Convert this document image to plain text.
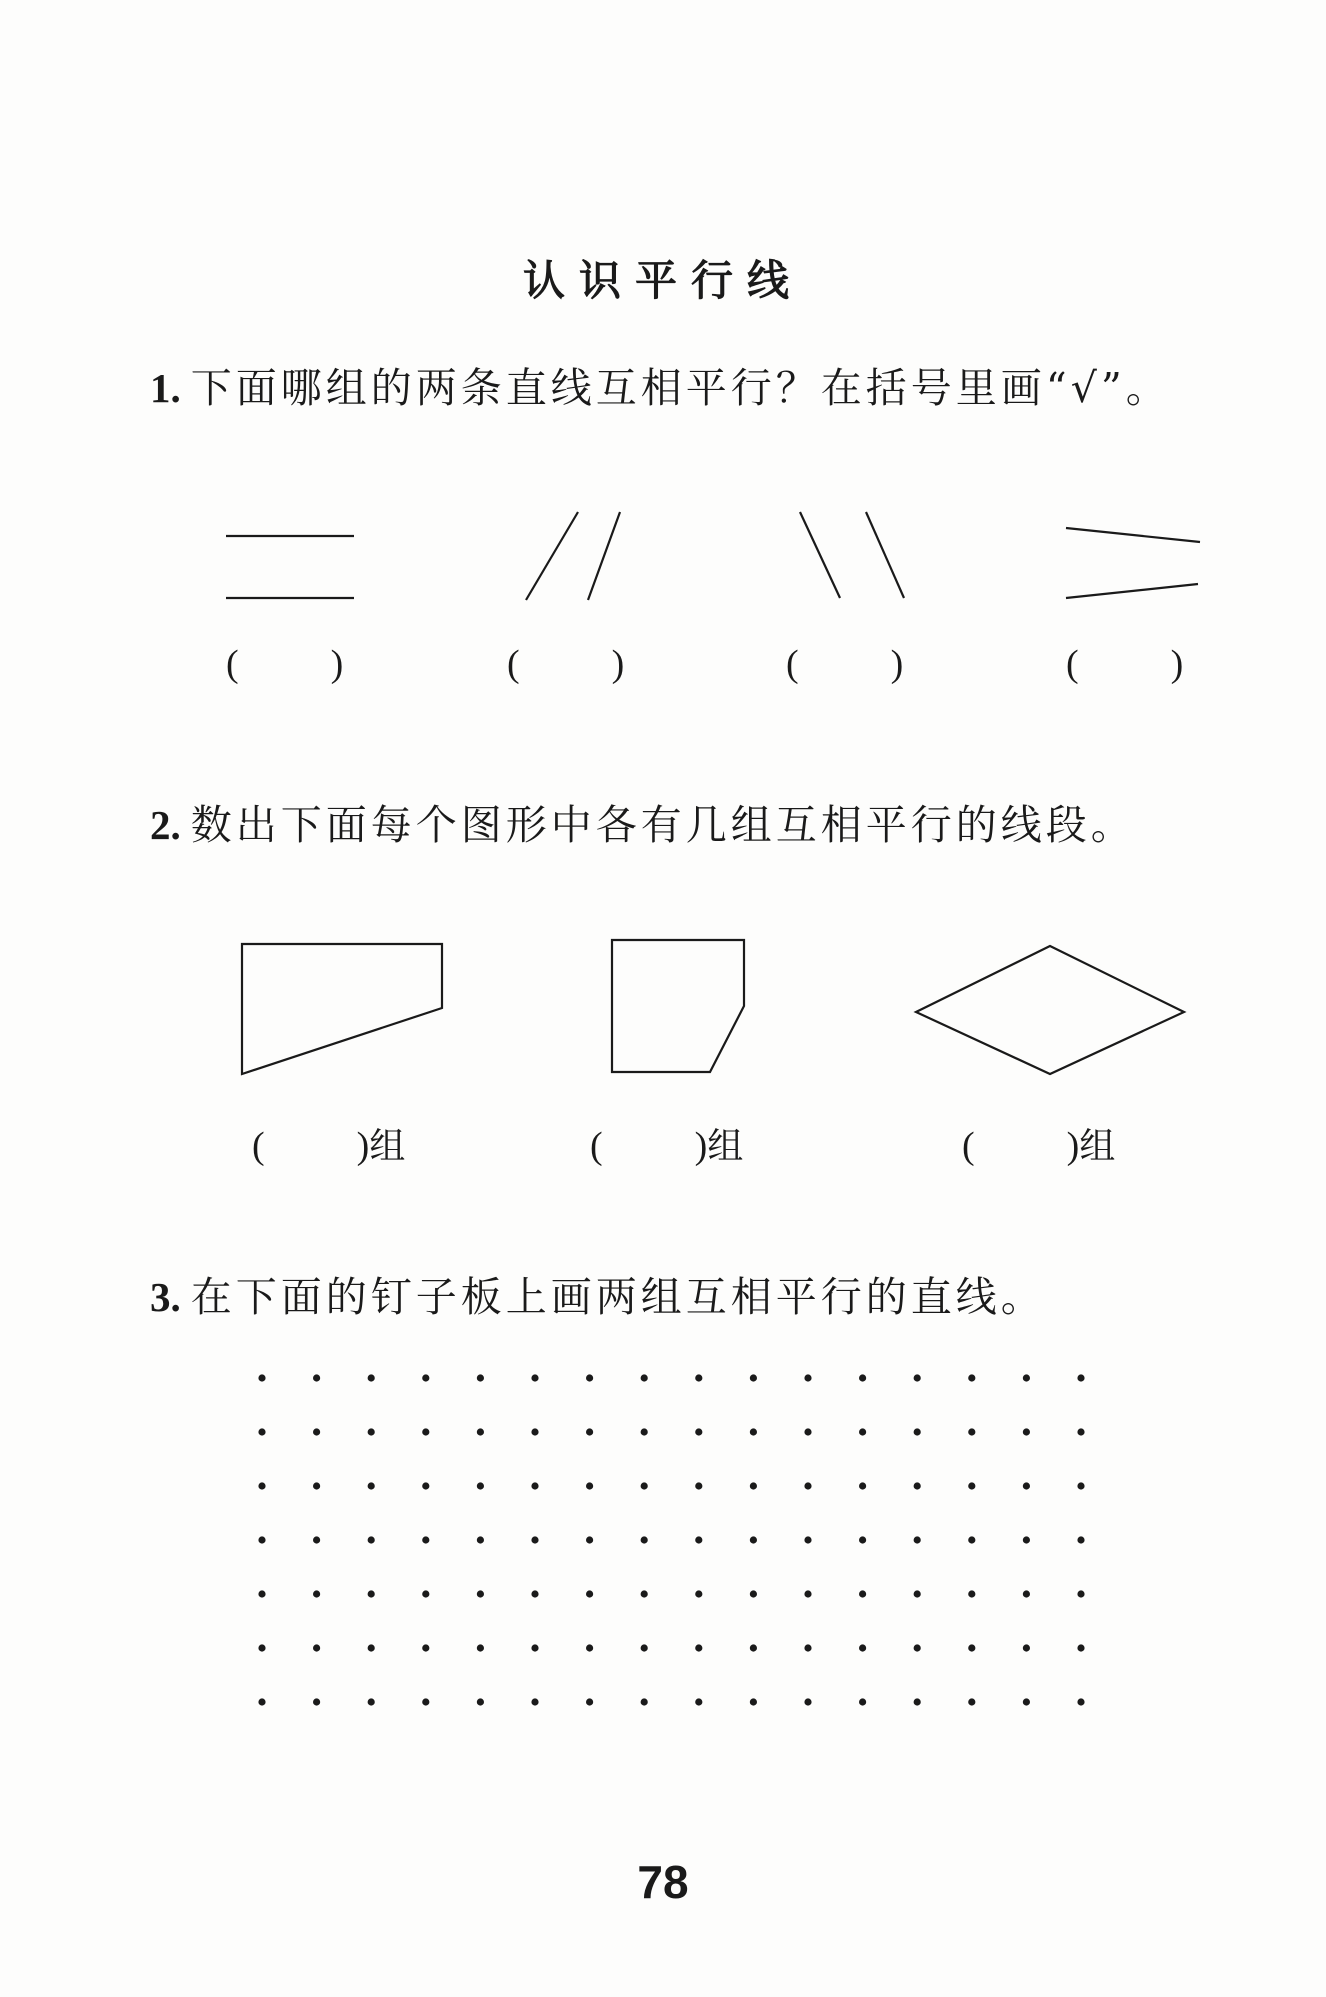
认识平行线
1. 下面哪组的两条直线互相平行？在括号里画“√”。
( )	( )	( )	( )
2. 数出下面每个图形中各有几组互相平行的线段。
( )组	( )组	( )组
3. 在下面的钉子板上画两组互相平行的直线。
78
